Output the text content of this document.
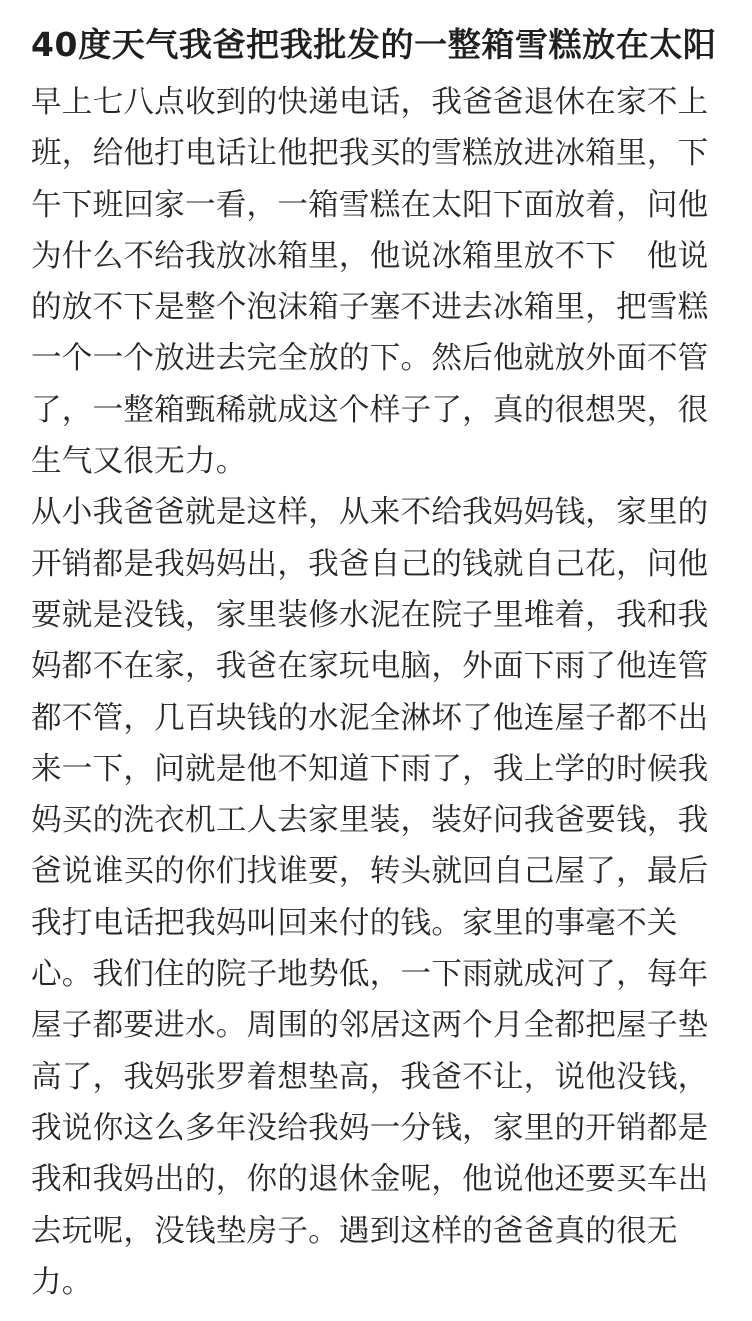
40度天气我爸把我批发的一整箱雪糕放在太阳

早上七八点收到的快递电话，我爸爸退休在家不上班，给他打电话让他把我买的雪糕放进冰箱里，下午下班回家一看，一箱雪糕在太阳下面放着，问他为什么不给我放冰箱里，他说冰箱里放不下　他说的放不下是整个泡沫箱子塞不进去冰箱里，把雪糕一个一个放进去完全放的下。然后他就放外面不管了，一整箱甄稀就成这个样子了，真的很想哭，很生气又很无力。

从小我爸爸就是这样，从来不给我妈妈钱，家里的开销都是我妈妈出，我爸自己的钱就自己花，问他要就是没钱，家里装修水泥在院子里堆着，我和我妈都不在家，我爸在家玩电脑，外面下雨了他连管都不管，几百块钱的水泥全淋坏了他连屋子都不出来一下，问就是他不知道下雨了，我上学的时候我妈买的洗衣机工人去家里装，装好问我爸要钱，我爸说谁买的你们找谁要，转头就回自己屋了，最后我打电话把我妈叫回来付的钱。家里的事毫不关心。我们住的院子地势低，一下雨就成河了，每年屋子都要进水。周围的邻居这两个月全都把屋子垫高了，我妈张罗着想垫高，我爸不让，说他没钱，我说你这么多年没给我妈一分钱，家里的开销都是我和我妈出的，你的退休金呢，他说他还要买车出去玩呢，没钱垫房子。遇到这样的爸爸真的很无力。
